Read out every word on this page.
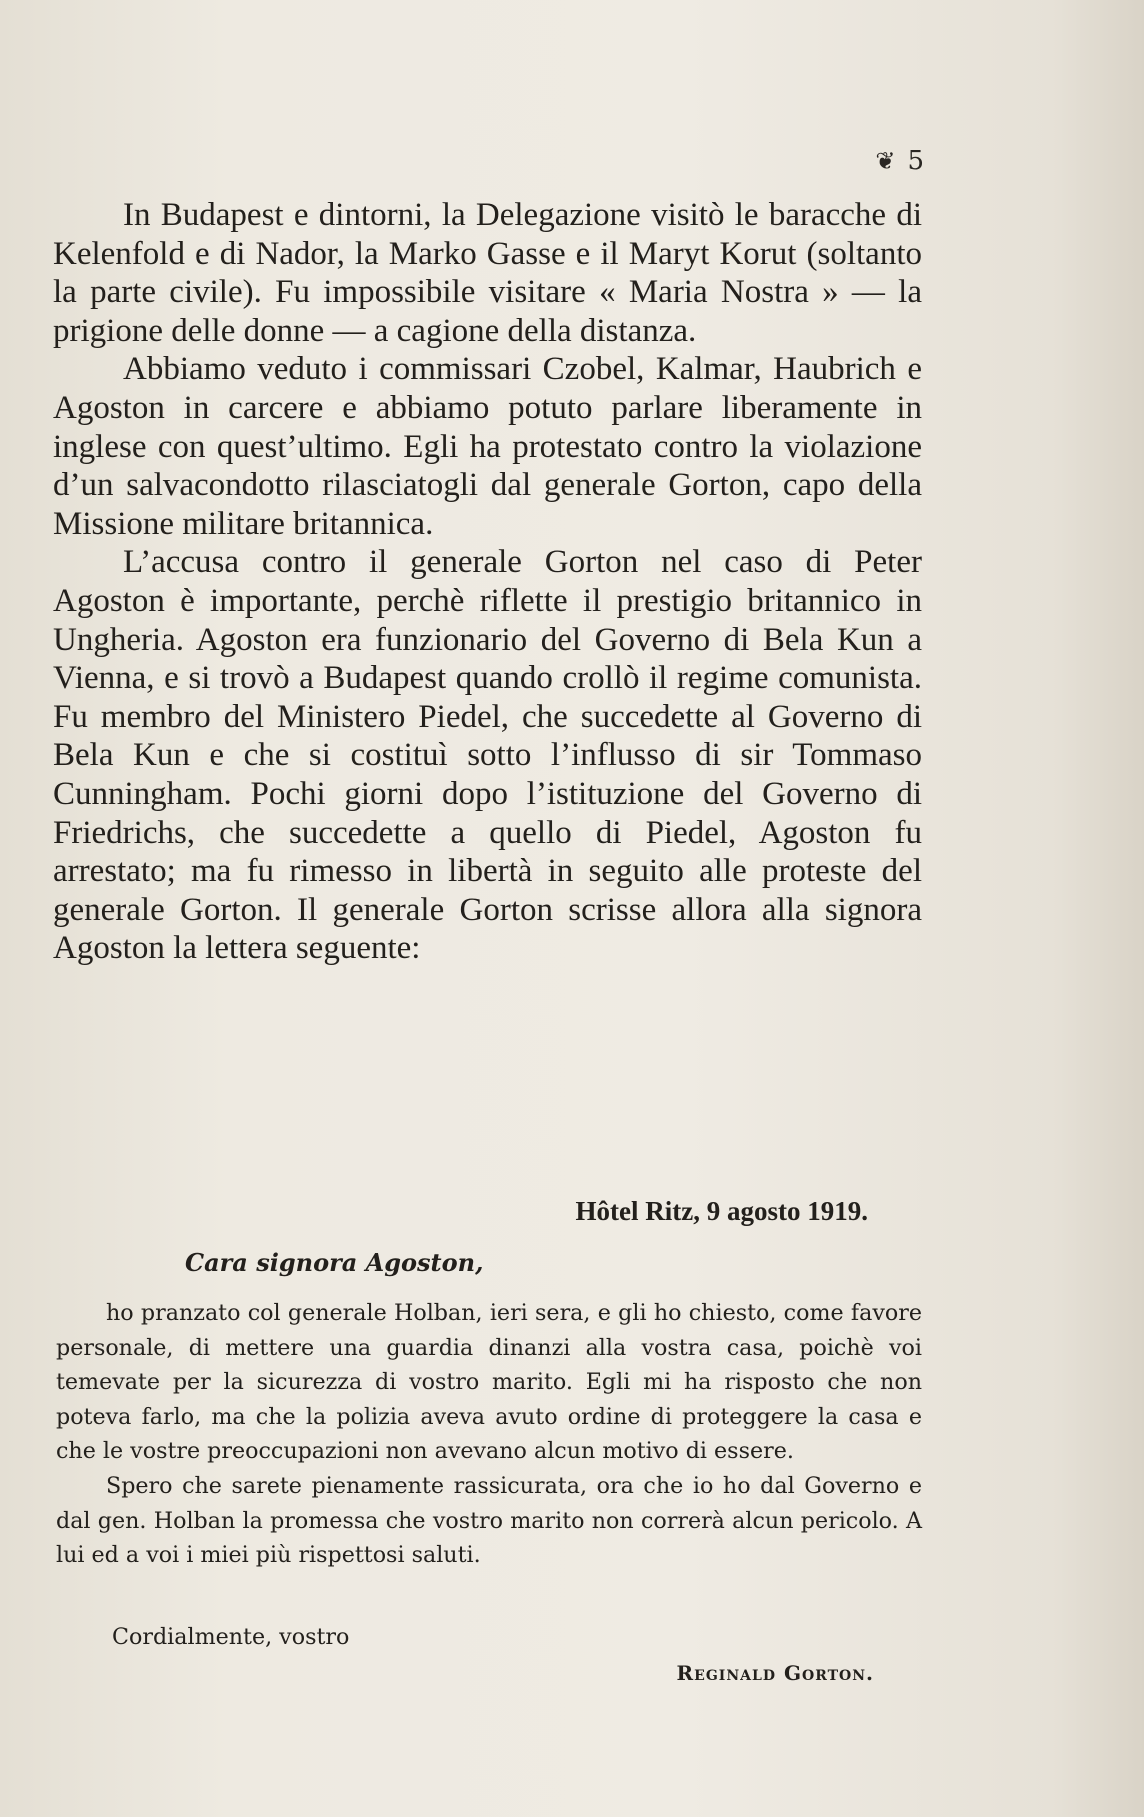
❦ 5

In Budapest e dintorni, la Delegazione visitò le baracche di Kelenfold e di Nador, la Marko Gasse e il Maryt Korut (soltanto la parte civile). Fu impossibile visitare « Maria Nostra » — la prigione delle donne — a cagione della distanza.

Abbiamo veduto i commissari Czobel, Kalmar, Haubrich e Agoston in carcere e abbiamo potuto parlare liberamente in inglese con quest’ultimo. Egli ha protestato contro la violazione d’un salvacondotto rilasciatogli dal generale Gorton, capo della Missione militare britannica.

L’accusa contro il generale Gorton nel caso di Peter Agoston è importante, perchè riflette il prestigio britannico in Ungheria. Agoston era funzionario del Governo di Bela Kun a Vienna, e si trovò a Budapest quando crollò il regime comunista. Fu membro del Ministero Piedel, che succedette al Governo di Bela Kun e che si costituì sotto l’influsso di sir Tommaso Cunningham. Pochi giorni dopo l’istituzione del Governo di Friedrichs, che succedette a quello di Piedel, Agoston fu arrestato; ma fu rimesso in libertà in seguito alle proteste del generale Gorton. Il generale Gorton scrisse allora alla signora Agoston la lettera seguente:

Hôtel Ritz, 9 agosto 1919.
Cara signora Agoston,

ho pranzato col generale Holban, ieri sera, e gli ho chiesto, come favore personale, di mettere una guardia dinanzi alla vostra casa, poichè voi temevate per la sicurezza di vostro marito. Egli mi ha risposto che non poteva farlo, ma che la polizia aveva avuto ordine di proteggere la casa e che le vostre preoccupazioni non avevano alcun motivo di essere.

Spero che sarete pienamente rassicurata, ora che io ho dal Governo e dal gen. Holban la promessa che vostro marito non correrà alcun pericolo. A lui ed a voi i miei più rispettosi saluti.

Cordialmente, vostro
Reginald Gorton.
